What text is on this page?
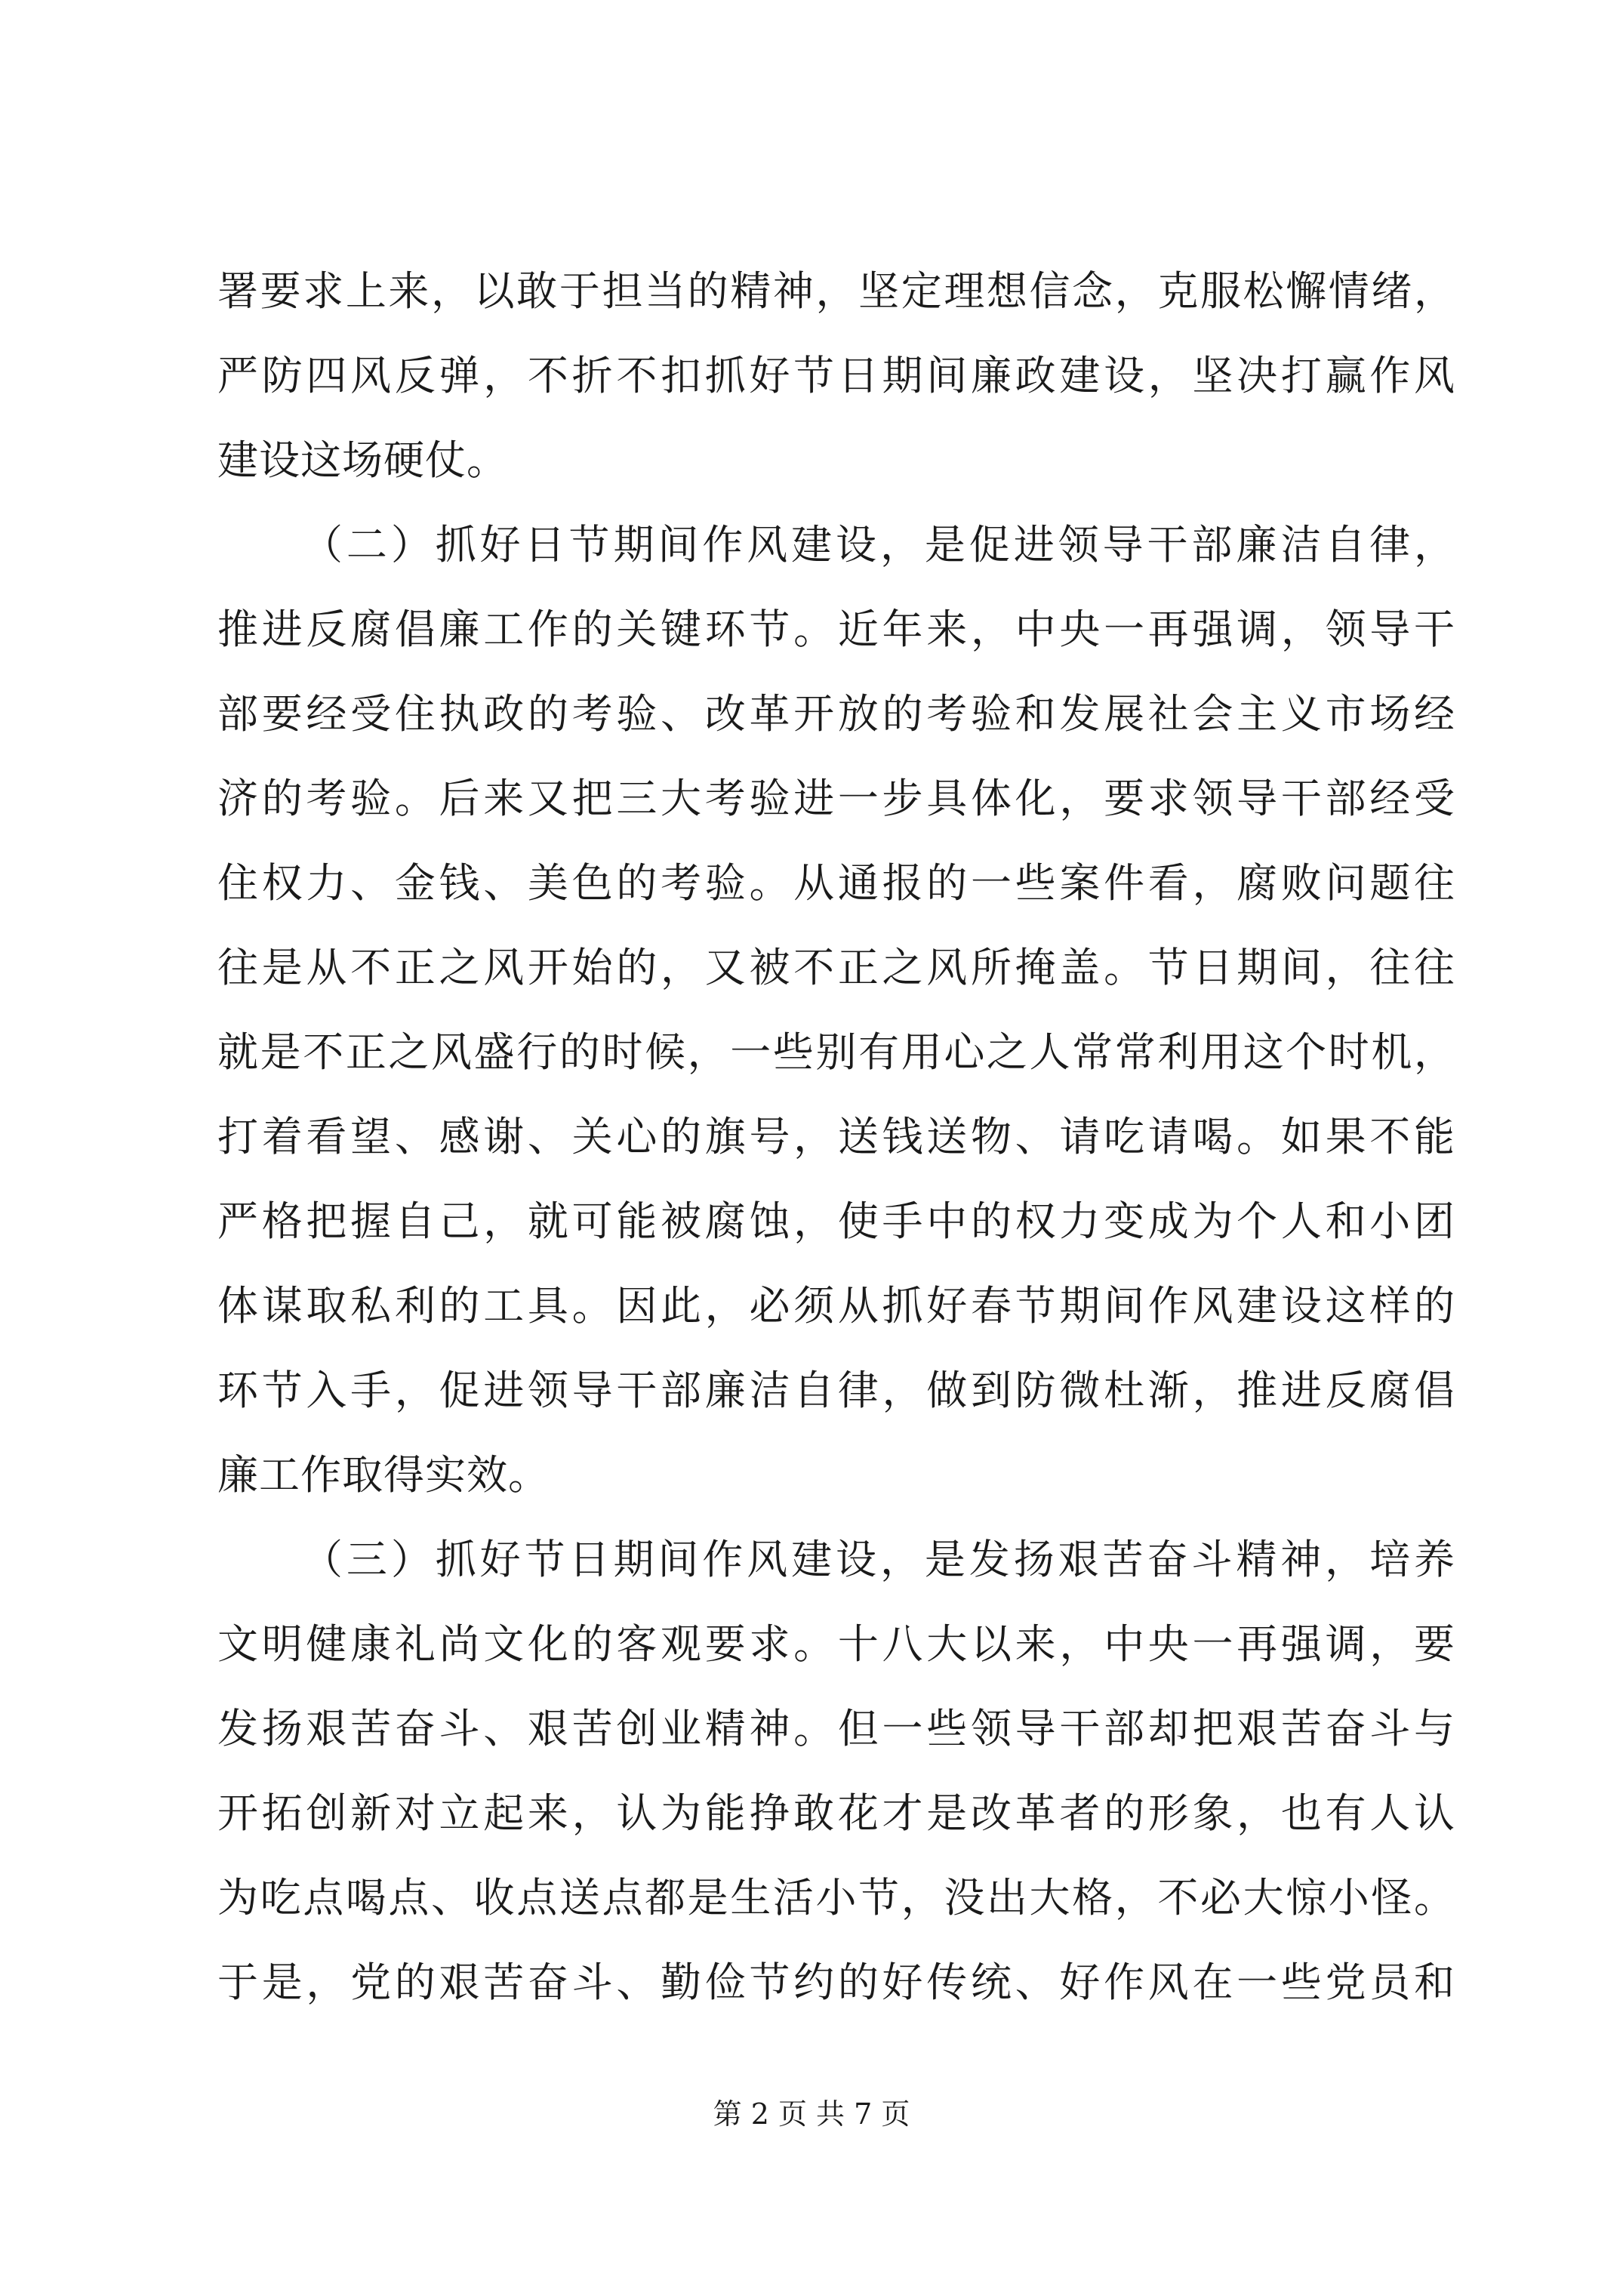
署要求上来，以敢于担当的精神，坚定理想信念，克服松懈情绪，
严防四风反弹，不折不扣抓好节日期间廉政建设，坚决打赢作风
建设这场硬仗。
（二）抓好日节期间作风建设，是促进领导干部廉洁自律，
推进反腐倡廉工作的关键环节。近年来，中央一再强调，领导干
部要经受住执政的考验、改革开放的考验和发展社会主义市场经
济的考验。后来又把三大考验进一步具体化，要求领导干部经受
住权力、金钱、美色的考验。从通报的一些案件看，腐败问题往
往是从不正之风开始的，又被不正之风所掩盖。节日期间，往往
就是不正之风盛行的时候，一些别有用心之人常常利用这个时机，
打着看望、感谢、关心的旗号，送钱送物、请吃请喝。如果不能
严格把握自己，就可能被腐蚀，使手中的权力变成为个人和小团
体谋取私利的工具。因此，必须从抓好春节期间作风建设这样的
环节入手，促进领导干部廉洁自律，做到防微杜渐，推进反腐倡
廉工作取得实效。
（三）抓好节日期间作风建设，是发扬艰苦奋斗精神，培养
文明健康礼尚文化的客观要求。十八大以来，中央一再强调，要
发扬艰苦奋斗、艰苦创业精神。但一些领导干部却把艰苦奋斗与
开拓创新对立起来，认为能挣敢花才是改革者的形象，也有人认
为吃点喝点、收点送点都是生活小节，没出大格，不必大惊小怪。
于是，党的艰苦奋斗、勤俭节约的好传统、好作风在一些党员和
第 2 页 共 7 页
